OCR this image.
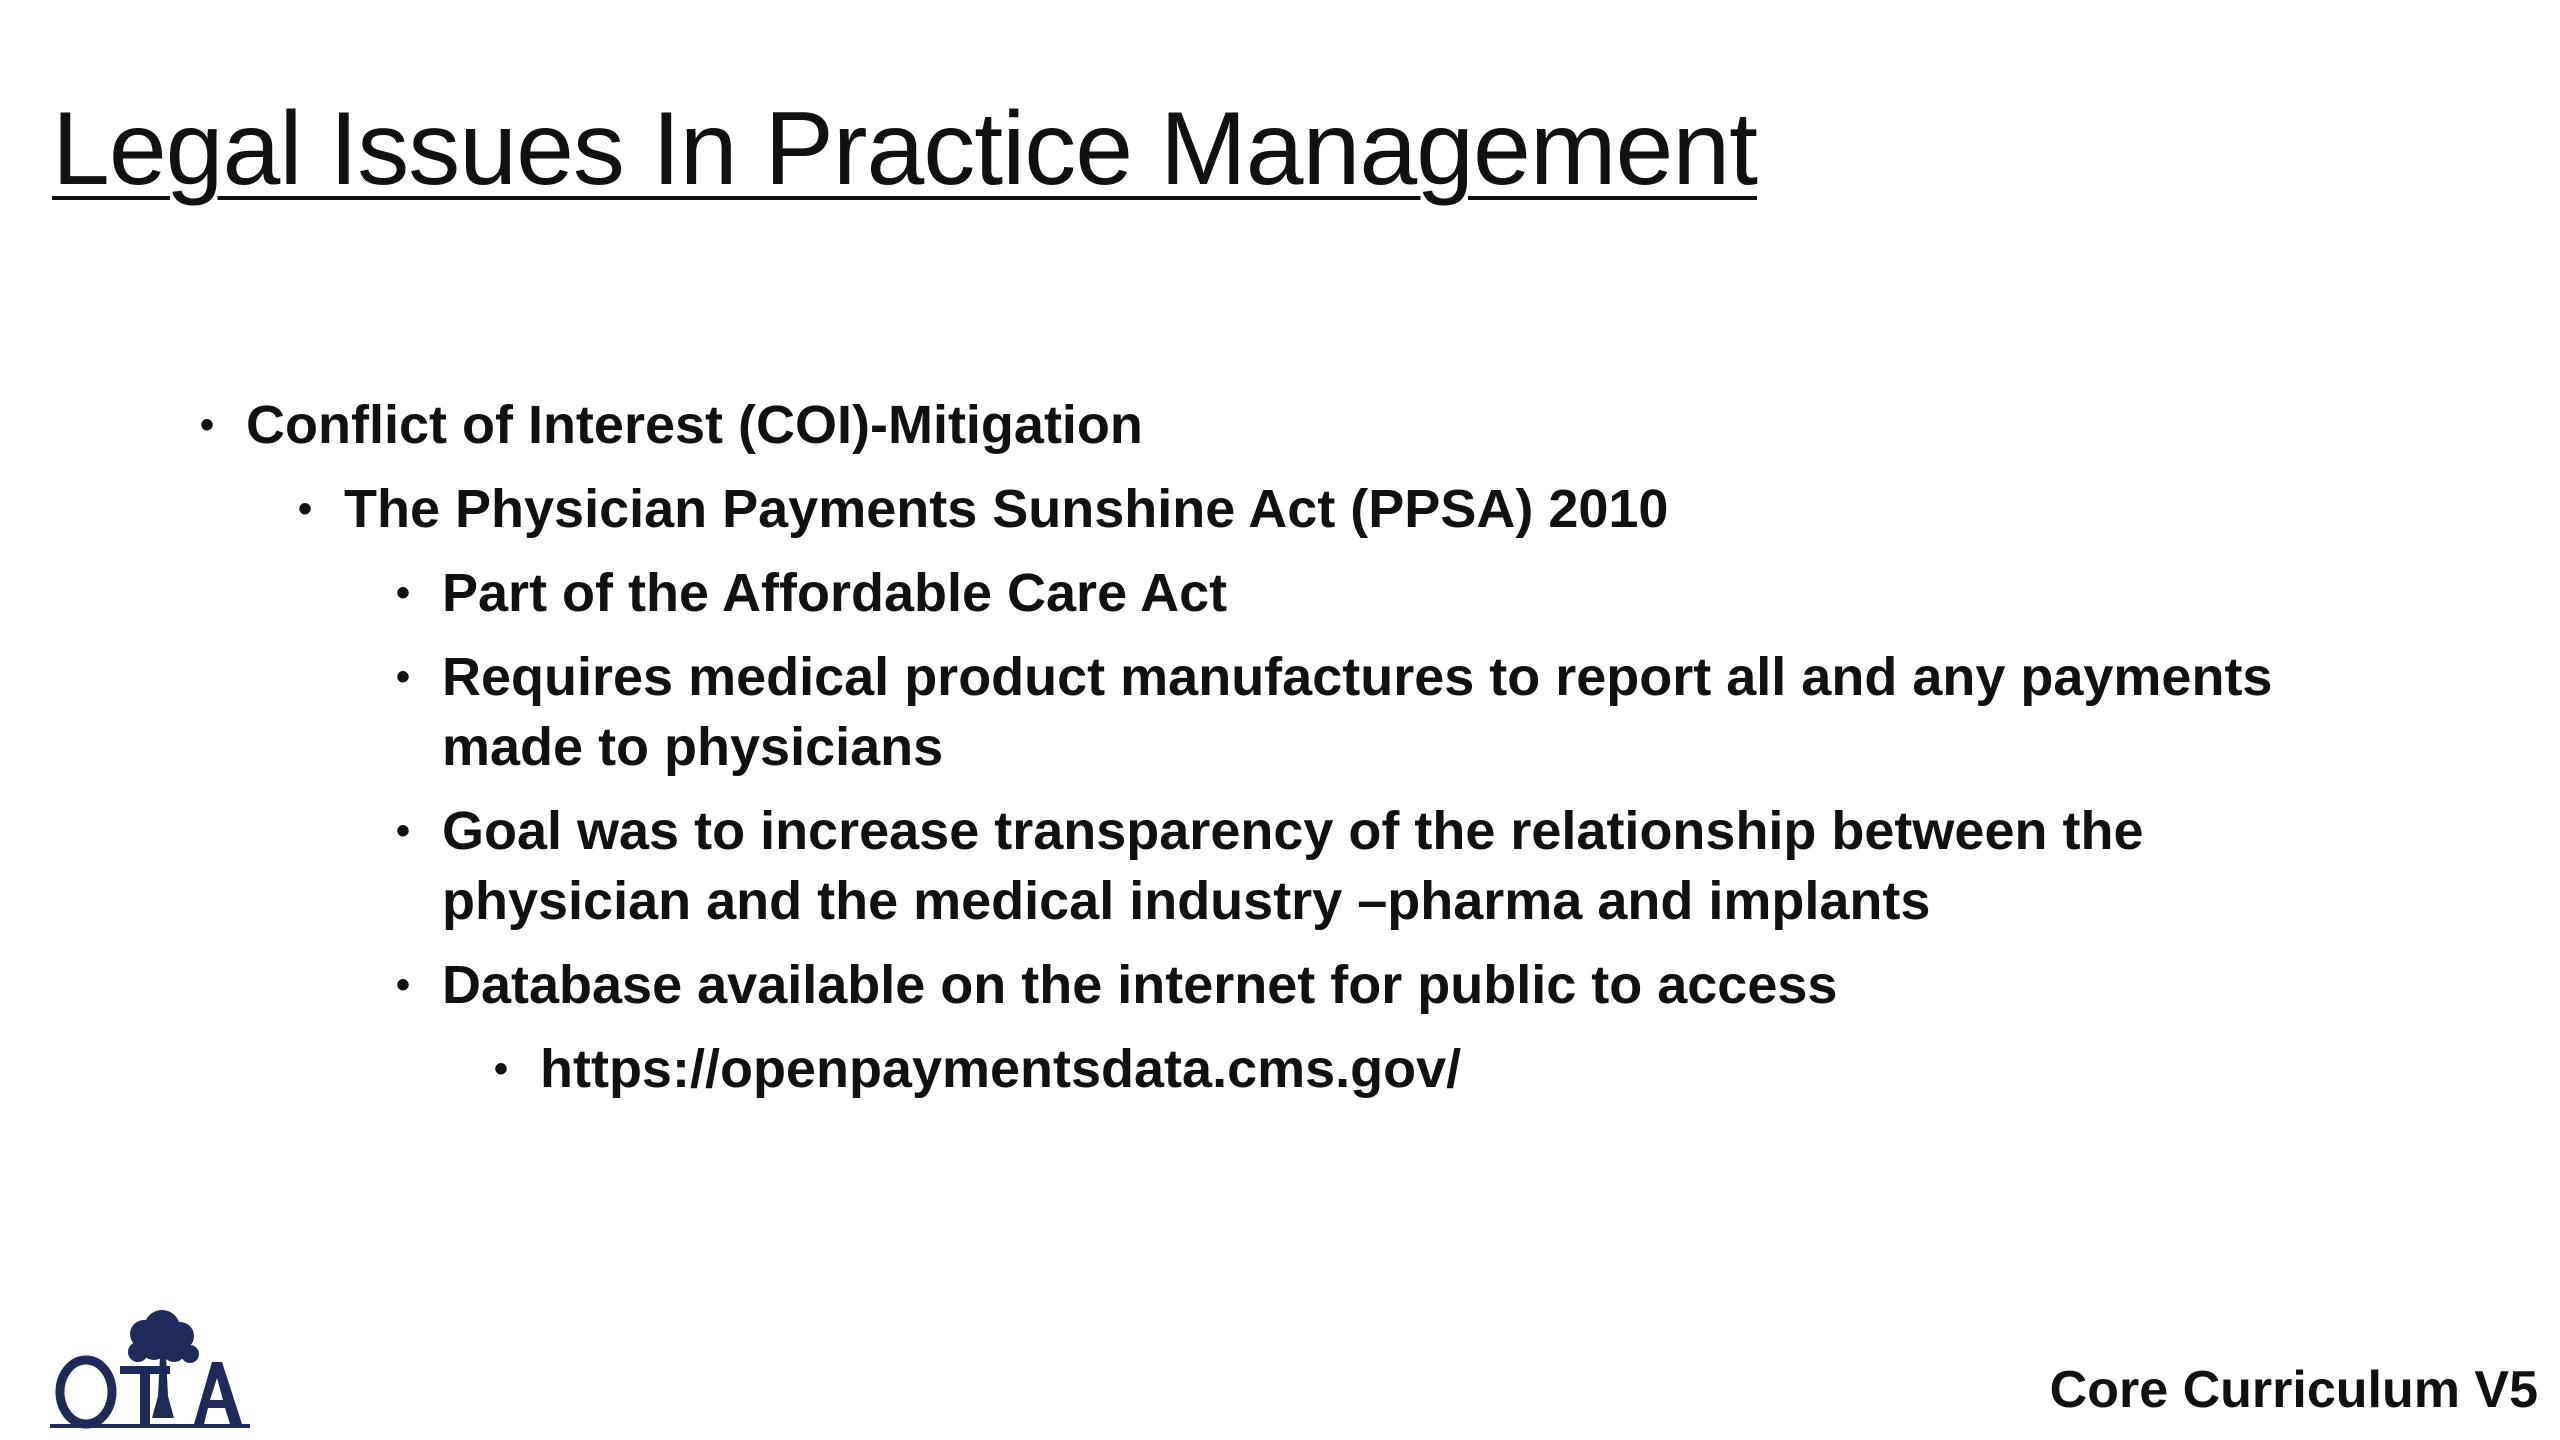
Legal Issues In Practice Management
• Conflict of Interest (COI)-Mitigation
• The Physician Payments Sunshine Act (PPSA) 2010
• Part of the Affordable Care Act
• Requires medical product manufactures to report all and any payments made to physicians
• Goal was to increase transparency of the relationship between the physician and the medical industry –pharma and implants
• Database available on the internet for public to access
• https://openpaymentsdata.cms.gov/
Core Curriculum V5
